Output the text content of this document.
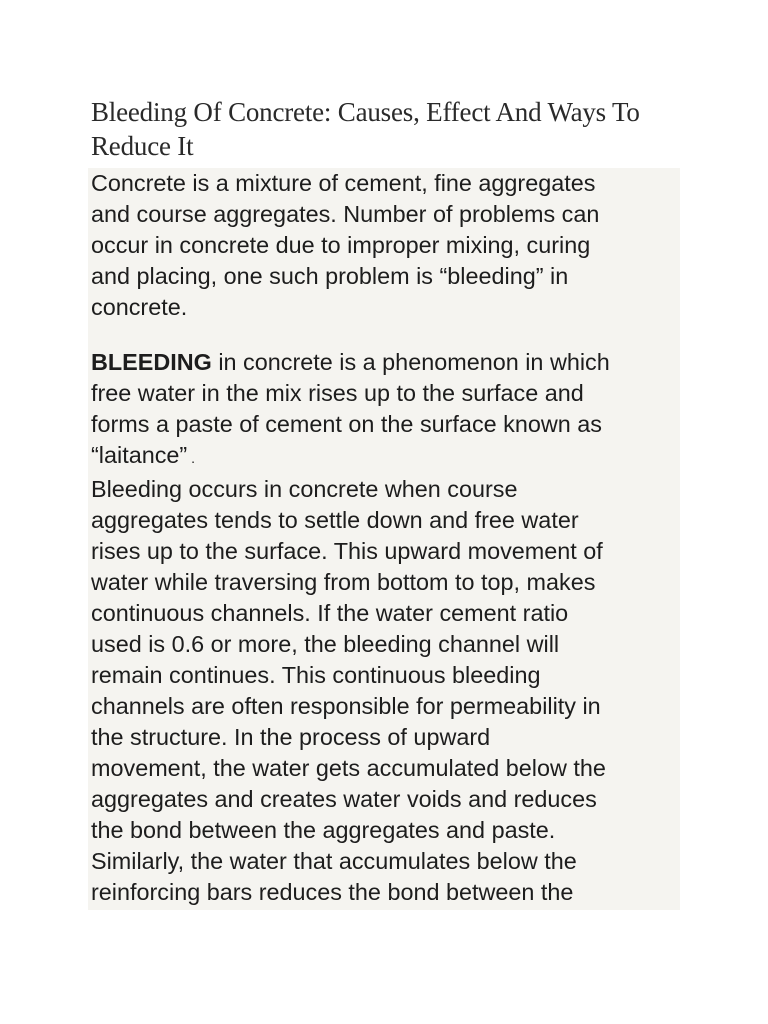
Bleeding Of Concrete: Causes, Effect And Ways To Reduce It

Concrete is a mixture of cement, fine aggregates
and course aggregates. Number of problems can
occur in concrete due to improper mixing, curing
and placing, one such problem is “bleeding” in
concrete.

BLEEDING in concrete is a phenomenon in which
free water in the mix rises up to the surface and
forms a paste of cement on the surface known as
“laitance” .

Bleeding occurs in concrete when course
aggregates tends to settle down and free water
rises up to the surface. This upward movement of
water while traversing from bottom to top, makes
continuous channels. If the water cement ratio
used is 0.6 or more, the bleeding channel will
remain continues. This continuous bleeding
channels are often responsible for permeability in
the structure. In the process of upward
movement, the water gets accumulated below the
aggregates and creates water voids and reduces
the bond between the aggregates and paste.
Similarly, the water that accumulates below the
reinforcing bars reduces the bond between the
